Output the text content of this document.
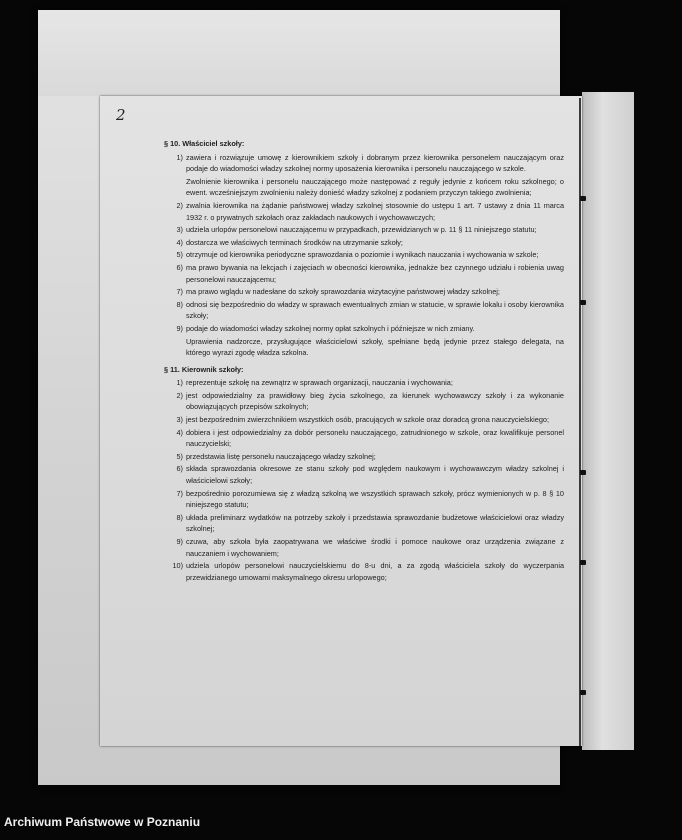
2
§ 10. Właściciel szkoły:
1) zawiera i rozwiązuje umowę z kierownikiem szkoły i dobranym przez kierownika personelem nauczającym oraz podaje do wiadomości władzy szkolnej normy uposażenia kierownika i personelu nauczającego w szkole.
Zwolnienie kierownika i personelu nauczającego może następować z reguły jedynie z końcem roku szkolnego; o ewent. wcześniejszym zwolnieniu należy donieść władzy szkolnej z podaniem przyczyn takiego zwolnienia;
2) zwalnia kierownika na żądanie państwowej władzy szkolnej stosownie do ustępu 1 art. 7 ustawy z dnia 11 marca 1932 r. o prywatnych szkołach oraz zakładach naukowych i wychowawczych;
3) udziela urlopów personelowi nauczającemu w przypadkach, przewidzianych w p. 11 § 11 niniejszego statutu;
4) dostarcza we właściwych terminach środków na utrzymanie szkoły;
5) otrzymuje od kierownika periodyczne sprawozdania o poziomie i wynikach nauczania i wychowania w szkole;
6) ma prawo bywania na lekcjach i zajęciach w obecności kierownika, jednakże bez czynnego udziału i robienia uwag personelowi nauczającemu;
7) ma prawo wglądu w nadesłane do szkoły sprawozdania wizytacyjne państwowej władzy szkolnej;
8) odnosi się bezpośrednio do władzy w sprawach ewentualnych zmian w statucie, w sprawie lokalu i osoby kierownika szkoły;
9) podaje do wiadomości władzy szkolnej normy opłat szkolnych i późniejsze w nich zmiany.
Uprawienia nadzorcze, przysługujące właścicielowi szkoły, spełniane będą jedynie przez stałego delegata, na którego wyrazi zgodę władza szkolna.
§ 11. Kierownik szkoły:
1) reprezentuje szkołę na zewnątrz w sprawach organizacji, nauczania i wychowania;
2) jest odpowiedzialny za prawidłowy bieg życia szkolnego, za kierunek wychowawczy szkoły i za wykonanie obowiązujących przepisów szkolnych;
3) jest bezpośrednim zwierzchnikiem wszystkich osób, pracujących w szkole oraz doradcą grona nauczycielskiego;
4) dobiera i jest odpowiedzialny za dobór personelu nauczającego, zatrudnionego w szkole, oraz kwalifikuje personel nauczycielski;
5) przedstawia listę personelu nauczającego władzy szkolnej;
6) składa sprawozdania okresowe ze stanu szkoły pod względem naukowym i wychowawczym władzy szkolnej i właścicielowi szkoły;
7) bezpośrednio porozumiewa się z władzą szkolną we wszystkich sprawach szkoły, prócz wymienionych w p. 8 § 10 niniejszego statutu;
8) układa preliminarz wydatków na potrzeby szkoły i przedstawia sprawozdanie budżetowe właścicielowi oraz władzy szkolnej;
9) czuwa, aby szkoła była zaopatrywana we właściwe środki i pomoce naukowe oraz urządzenia związane z nauczaniem i wychowaniem;
10) udziela urlopów personelowi nauczycielskiemu do 8-u dni, a za zgodą właściciela szkoły do wyczerpania przewidzianego umowami maksymalnego okresu urlopowego;
Archiwum Państwowe w Poznaniu
